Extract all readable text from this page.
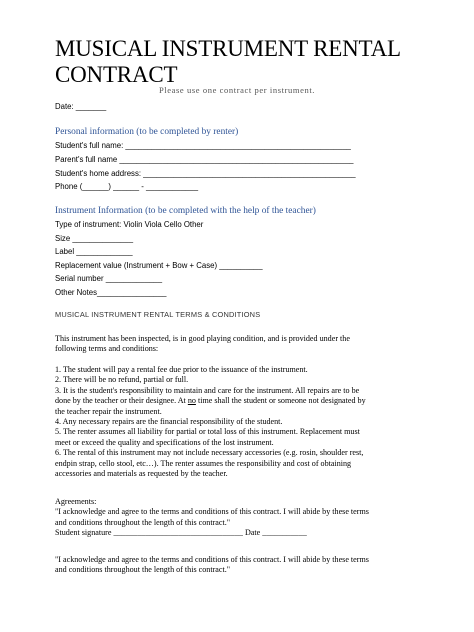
MUSICAL INSTRUMENT RENTAL
CONTRACT
Please use one contract per instrument.
Date: _______
Personal information (to be completed by renter)
Student's full name: ____________________________________________________
Parent's full name ______________________________________________________
Student's home address: _________________________________________________
Phone (______) ______ - ____________
Instrument Information (to be completed with the help of the teacher)
Type of instrument: Violin Viola Cello Other
Size ______________
Label _____________
Replacement value (Instrument + Bow + Case) __________
Serial number _____________
Other Notes________________
MUSICAL INSTRUMENT RENTAL TERMS & CONDITIONS

This instrument has been inspected, is in good playing condition, and is provided under the

following terms and conditions:

1. The student will pay a rental fee due prior to the issuance of the instrument.

2. There will be no refund, partial or full.

3. It is the student's responsibility to maintain and care for the instrument. All repairs are to be

done by the teacher or their designee. At no time shall the student or someone not designated by

the teacher repair the instrument.

4. Any necessary repairs are the financial responsibility of the student.

5. The renter assumes all liability for partial or total loss of this instrument. Replacement must

meet or exceed the quality and specifications of the lost instrument.

6. The rental of this instrument may not include necessary accessories (e.g. rosin, shoulder rest,

endpin strap, cello stool, etc…). The renter assumes the responsibility and cost of obtaining

accessories and materials as requested by the teacher.

Agreements:

"I acknowledge and agree to the terms and conditions of this contract. I will abide by these terms

and conditions throughout the length of this contract."

Student signature ________________________________ Date ___________

"I acknowledge and agree to the terms and conditions of this contract. I will abide by these terms

and conditions throughout the length of this contract."
